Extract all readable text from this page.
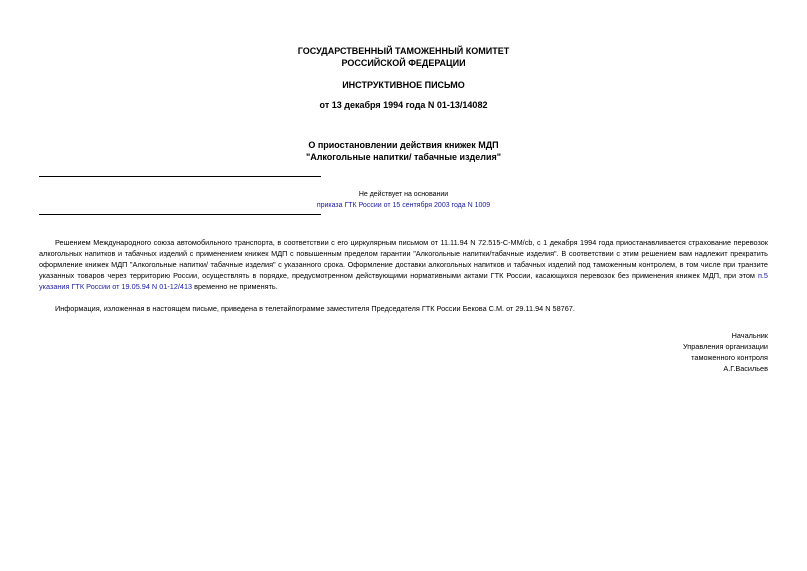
ГОСУДАРСТВЕННЫЙ ТАМОЖЕННЫЙ КОМИТЕТ
РОССИЙСКОЙ ФЕДЕРАЦИИ
ИНСТРУКТИВНОЕ ПИСЬМО
от 13 декабря 1994 года N 01-13/14082
О приостановлении действия книжек МДП
"Алкогольные напитки/ табачные изделия"
Не действует на основании
приказа ГТК России от 15 сентября 2003 года N 1009

Решением Международного союза автомобильного транспорта, в соответствии с его циркулярным письмом от 11.11.94 N 72.515-C-MM/cb, с 1 декабря 1994 года приостанавливается страхование перевозок алкогольных напитков и табачных изделий с применением книжек МДП с повышенным пределом гарантии "Алкогольные напитки/табачные изделия". В соответствии с этим решением вам надлежит прекратить оформление книжек МДП "Алкогольные напитки/ табачные изделия" с указанного срока. Оформление доставки алкогольных напитков и табачных изделий под таможенным контролем, в том числе при транзите указанных товаров через территорию России, осуществлять в порядке, предусмотренном действующими нормативными актами ГТК России, касающихся перевозок без применения книжек МДП, при этом п.5 указания ГТК России от 19.05.94 N 01-12/413 временно не применять.

Информация, изложенная в настоящем письме, приведена в телетайпограмме заместителя Председателя ГТК России Бекова С.М. от 29.11.94 N 58767.

Начальник
Управления организации
таможенного контроля
А.Г.Васильев
